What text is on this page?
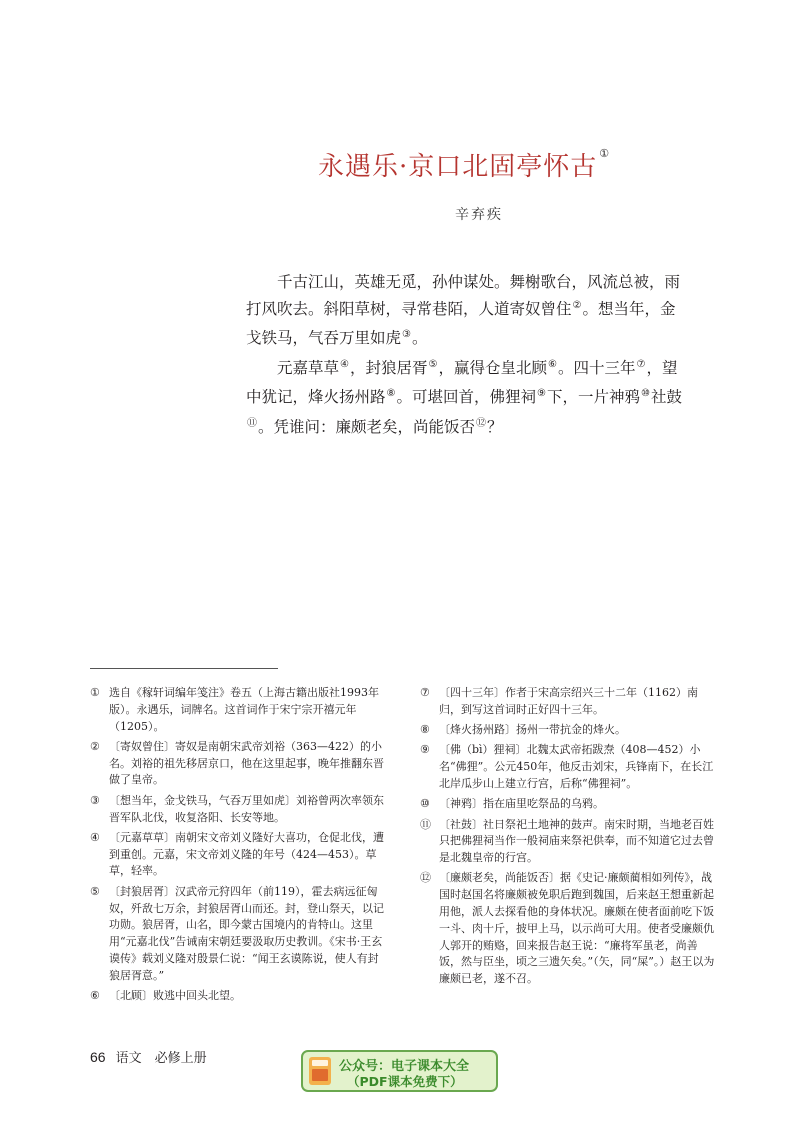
永遇乐·京口北固亭怀古 ①
辛弃疾

千古江山，英雄无觅，孙仲谋处。舞榭歌台，风流总被，雨打风吹去。斜阳草树，寻常巷陌，人道寄奴曾住②。想当年，金戈铁马，气吞万里如虎③。

元嘉草草④，封狼居胥⑤，赢得仓皇北顾⑥。四十三年⑦，望中犹记，烽火扬州路⑧。可堪回首，佛狸祠⑨下，一片神鸦⑩社鼓⑪。凭谁问：廉颇老矣，尚能饭否⑫？

① 选自《稼轩词编年笺注》卷五（上海古籍出版社1993年版）。永遇乐，词牌名。这首词作于宋宁宗开禧元年（1205）。
② 〔寄奴曾住〕寄奴是南朝宋武帝刘裕（363—422）的小名。刘裕的祖先移居京口，他在这里起事，晚年推翻东晋做了皇帝。
③ 〔想当年，金戈铁马，气吞万里如虎〕刘裕曾两次率领东晋军队北伐，收复洛阳、长安等地。
④ 〔元嘉草草〕南朝宋文帝刘义隆好大喜功，仓促北伐，遭到重创。元嘉，宋文帝刘义隆的年号（424—453）。草草，轻率。
⑤ 〔封狼居胥〕汉武帝元狩四年（前119），霍去病远征匈奴，歼敌七万余，封狼居胥山而还。封，登山祭天，以记功勋。狼居胥，山名，即今蒙古国境内的肯特山。这里用“元嘉北伐”告诫南宋朝廷要汲取历史教训。《宋书·王玄谟传》载刘义隆对殷景仁说：“闻王玄谟陈说，使人有封狼居胥意。”
⑥ 〔北顾〕败逃中回头北望。
⑦ 〔四十三年〕作者于宋高宗绍兴三十二年（1162）南归，到写这首词时正好四十三年。
⑧ 〔烽火扬州路〕扬州一带抗金的烽火。
⑨ 〔佛（bì）狸祠〕北魏太武帝拓跋焘（408—452）小名“佛狸”。公元450年，他反击刘宋，兵锋南下，在长江北岸瓜步山上建立行宫，后称“佛狸祠”。
⑩ 〔神鸦〕指在庙里吃祭品的乌鸦。
⑪ 〔社鼓〕社日祭祀土地神的鼓声。南宋时期，当地老百姓只把佛狸祠当作一般祠庙来祭祀供奉，而不知道它过去曾是北魏皇帝的行宫。
⑫ 〔廉颇老矣，尚能饭否〕据《史记·廉颇蔺相如列传》，战国时赵国名将廉颇被免职后跑到魏国，后来赵王想重新起用他，派人去探看他的身体状况。廉颇在使者面前吃下饭一斗、肉十斤，披甲上马，以示尚可大用。使者受廉颇仇人郭开的贿赂，回来报告赵王说：“廉将军虽老，尚善饭，然与臣坐，顷之三遗矢矣。”（矢，同“屎”。）赵王以为廉颇已老，遂不召。
66 语文　必修上册
公众号：电子课本大全
（PDF课本免费下）
